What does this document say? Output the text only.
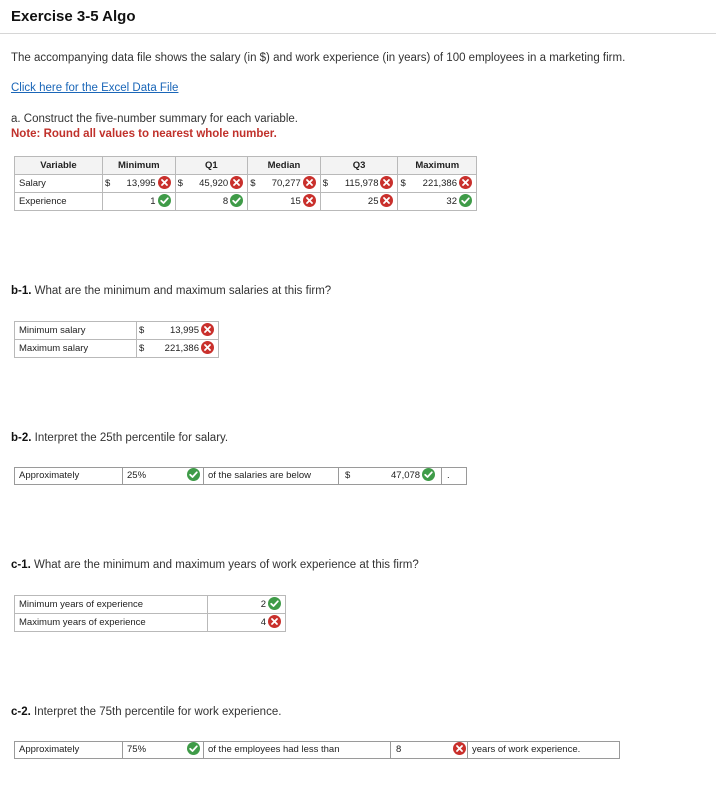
Exercise 3-5 Algo
The accompanying data file shows the salary (in $) and work experience (in years) of 100 employees in a marketing firm.
Click here for the Excel Data File
a. Construct the five-number summary for each variable.
Note: Round all values to nearest whole number.
Variable	Minimum		Q1		Median		Q3		Maximum	
Salary	$	13,995	$	45,920	$	70,277	$	115,978	$	221,386

Experience	1		8		15		25		32	
b-1. What are the minimum and maximum salaries at this firm?
Minimum salary	$	13,995

Maximum salary	$	221,386
b-2. Interpret the 25th percentile for salary.
Approximately	25%	of the salaries are below	$	47,078	.
c-1. What are the minimum and maximum years of work experience at this firm?
Minimum years of experience	2

Maximum years of experience	4
c-2. Interpret the 75th percentile for work experience.
Approximately	75%	of the employees had less than	8	years of work experience.
